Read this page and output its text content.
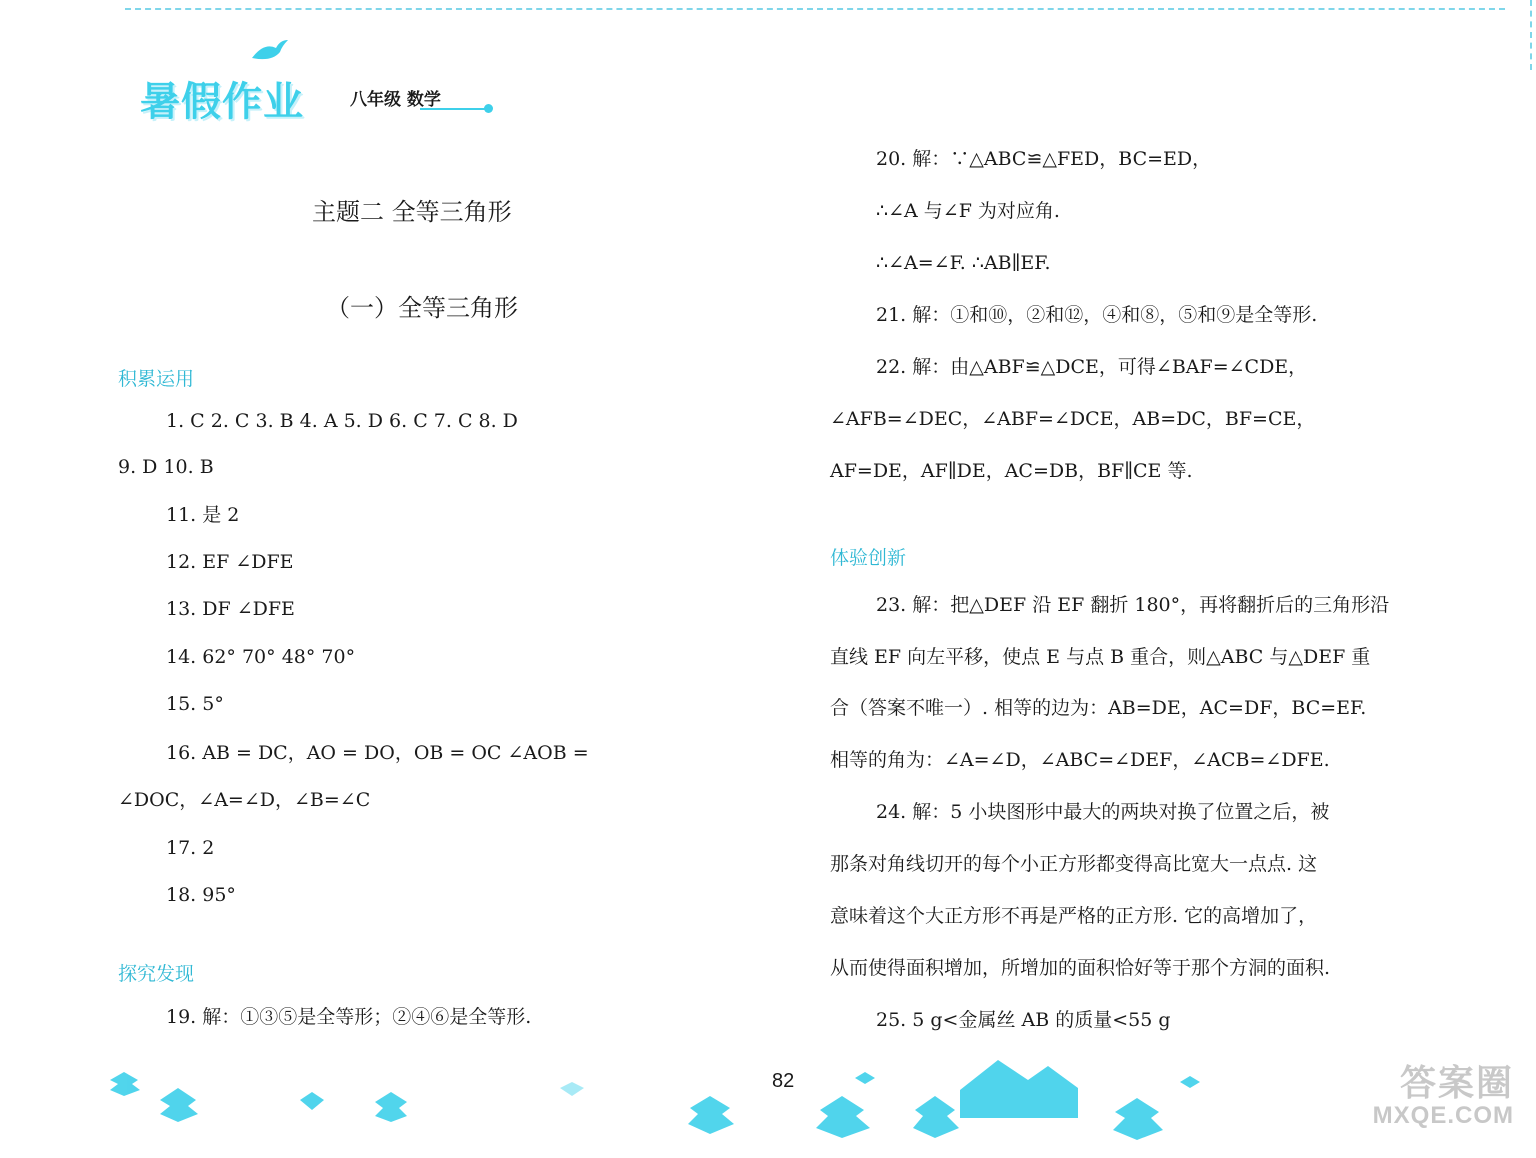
暑假作业	八年级 数学
主题二 全等三角形
（一）全等三角形
积累运用
1. C 2. C 3. B 4. A 5. D 6. C 7. C 8. D
9. D 10. B
11. 是 2
12. EF ∠DFE
13. DF ∠DFE
14. 62° 70° 48° 70°
15. 5°
16. AB = DC，AO = DO，OB = OC ∠AOB =
∠DOC，∠A=∠D，∠B=∠C
17. 2
18. 95°
探究发现
19. 解：①③⑤是全等形；②④⑥是全等形.
20. 解：∵△ABC≌△FED，BC=ED，
∴∠A 与∠F 为对应角.
∴∠A=∠F. ∴AB∥EF.
21. 解：①和⑩，②和⑫，④和⑧，⑤和⑨是全等形.
22. 解：由△ABF≌△DCE，可得∠BAF=∠CDE，
∠AFB=∠DEC，∠ABF=∠DCE，AB=DC，BF=CE，
AF=DE，AF∥DE，AC=DB，BF∥CE 等.
体验创新
23. 解：把△DEF 沿 EF 翻折 180°，再将翻折后的三角形沿
直线 EF 向左平移，使点 E 与点 B 重合，则△ABC 与△DEF 重
合（答案不唯一）. 相等的边为：AB=DE，AC=DF，BC=EF.
相等的角为：∠A=∠D，∠ABC=∠DEF，∠ACB=∠DFE.
24. 解：5 小块图形中最大的两块对换了位置之后，被
那条对角线切开的每个小正方形都变得高比宽大一点点. 这
意味着这个大正方形不再是严格的正方形. 它的高增加了，
从而使得面积增加，所增加的面积恰好等于那个方洞的面积.
25. 5 g<金属丝 AB 的质量<55 g
82	答案圈
MXQE.COM
